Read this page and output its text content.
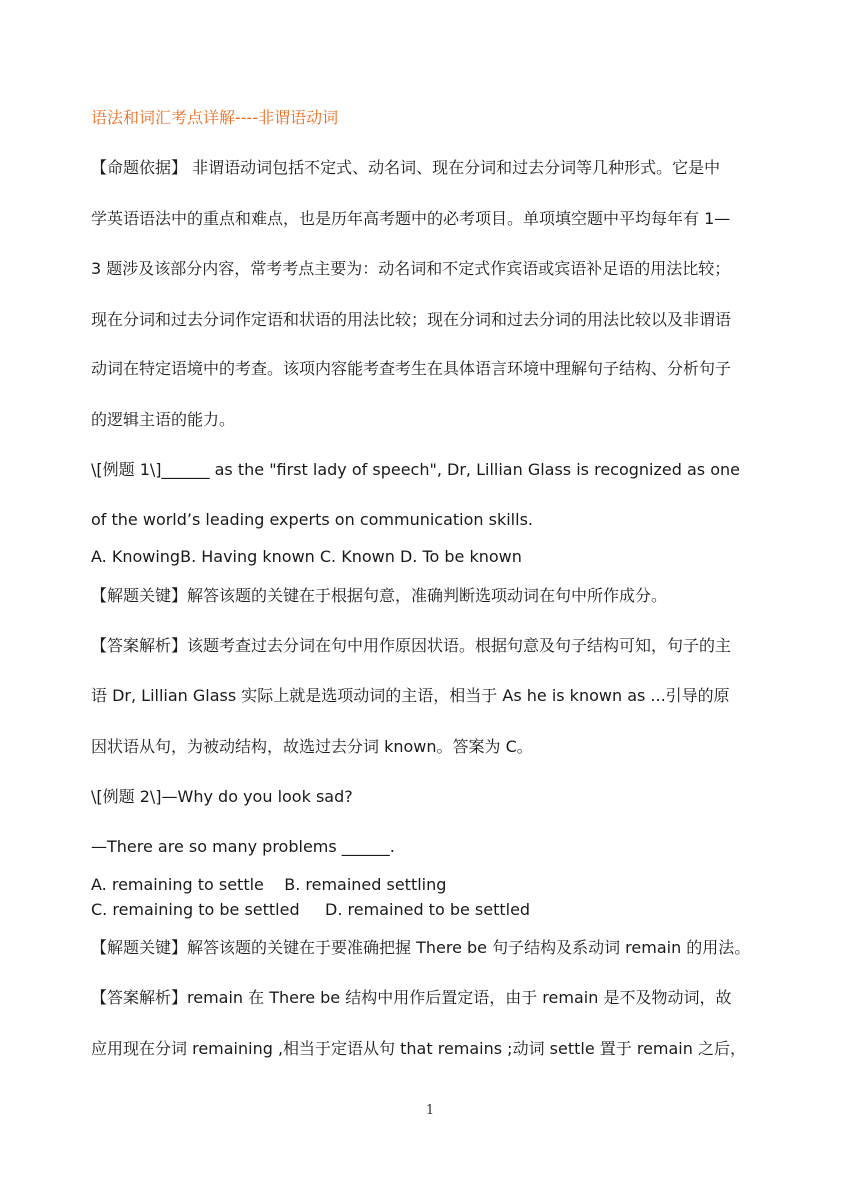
语法和词汇考点详解----非谓语动词
【命题依据】 非谓语动词包括不定式、动名词、现在分词和过去分词等几种形式。它是中
学英语语法中的重点和难点，也是历年高考题中的必考项目。单项填空题中平均每年有 1—
3 题涉及该部分内容，常考考点主要为：动名词和不定式作宾语或宾语补足语的用法比较；
现在分词和过去分词作定语和状语的用法比较；现在分词和过去分词的用法比较以及非谓语
动词在特定语境中的考查。该项内容能考查考生在具体语言环境中理解句子结构、分析句子
的逻辑主语的能力。
\[例题 1\]______ as the "first lady of speech", Dr, Lillian Glass is recognized as one
of the world’s leading experts on communication skills.
A. KnowingB. Having known C. Known D. To be known
【解题关键】解答该题的关键在于根据句意，准确判断选项动词在句中所作成分。
【答案解析】该题考查过去分词在句中用作原因状语。根据句意及句子结构可知，句子的主
语 Dr, Lillian Glass 实际上就是选项动词的主语，相当于 As he is known as ...引导的原
因状语从句，为被动结构，故选过去分词 known。答案为 C。
\[例题 2\]—Why do you look sad?
—There are so many problems ______.
A. remaining to settle    B. remained settling
C. remaining to be settled     D. remained to be settled
【解题关键】解答该题的关键在于要准确把握 There be 句子结构及系动词 remain 的用法。
【答案解析】remain 在 There be 结构中用作后置定语，由于 remain 是不及物动词，故
应用现在分词 remaining ,相当于定语从句 that remains ;动词 settle 置于 remain 之后，
1
